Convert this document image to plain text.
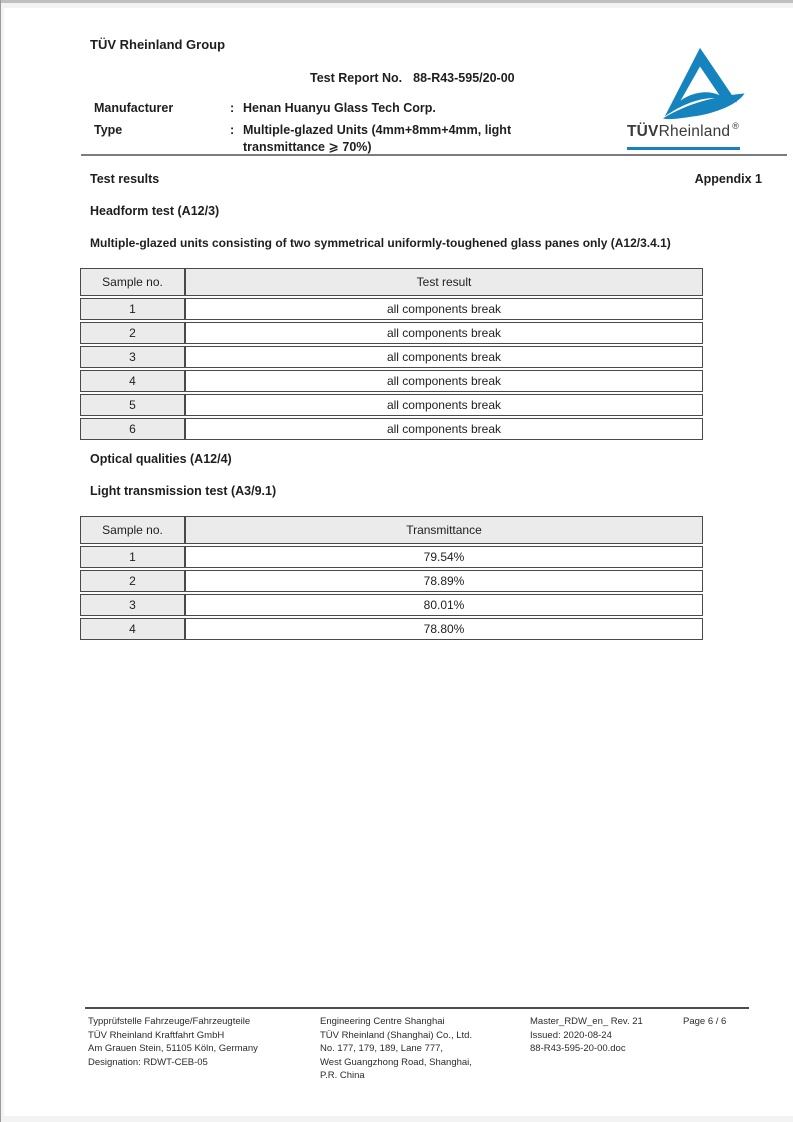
TÜV Rheinland Group
Test Report No. 88-R43-595/20-00
Manufacturer	: Henan Huanyu Glass Tech Corp.
Type	: Multiple-glazed Units (4mm+8mm+4mm, light transmittance ⩾ 70%)
TÜVRheinland ®
Test results	Appendix 1
Headform test (A12/3)
Multiple-glazed units consisting of two symmetrical uniformly-toughened glass panes only (A12/3.4.1)
Sample no.	Test result
1	all components break
2	all components break
3	all components break
4	all components break
5	all components break
6	all components break
Optical qualities (A12/4)
Light transmission test (A3/9.1)
Sample no.	Transmittance
1	79.54%
2	78.89%
3	80.01%
4	78.80%
Typprüfstelle Fahrzeuge/Fahrzeugteile
TÜV Rheinland Kraftfahrt GmbH
Am Grauen Stein, 51105 Köln, Germany
Designation: RDWT-CEB-05
Engineering Centre Shanghai
TÜV Rheinland (Shanghai) Co., Ltd.
No. 177, 179, 189, Lane 777,
West Guangzhong Road, Shanghai,
P.R. China
Master_RDW_en_ Rev. 21
Issued: 2020-08-24
88-R43-595-20-00.doc
Page 6 / 6
